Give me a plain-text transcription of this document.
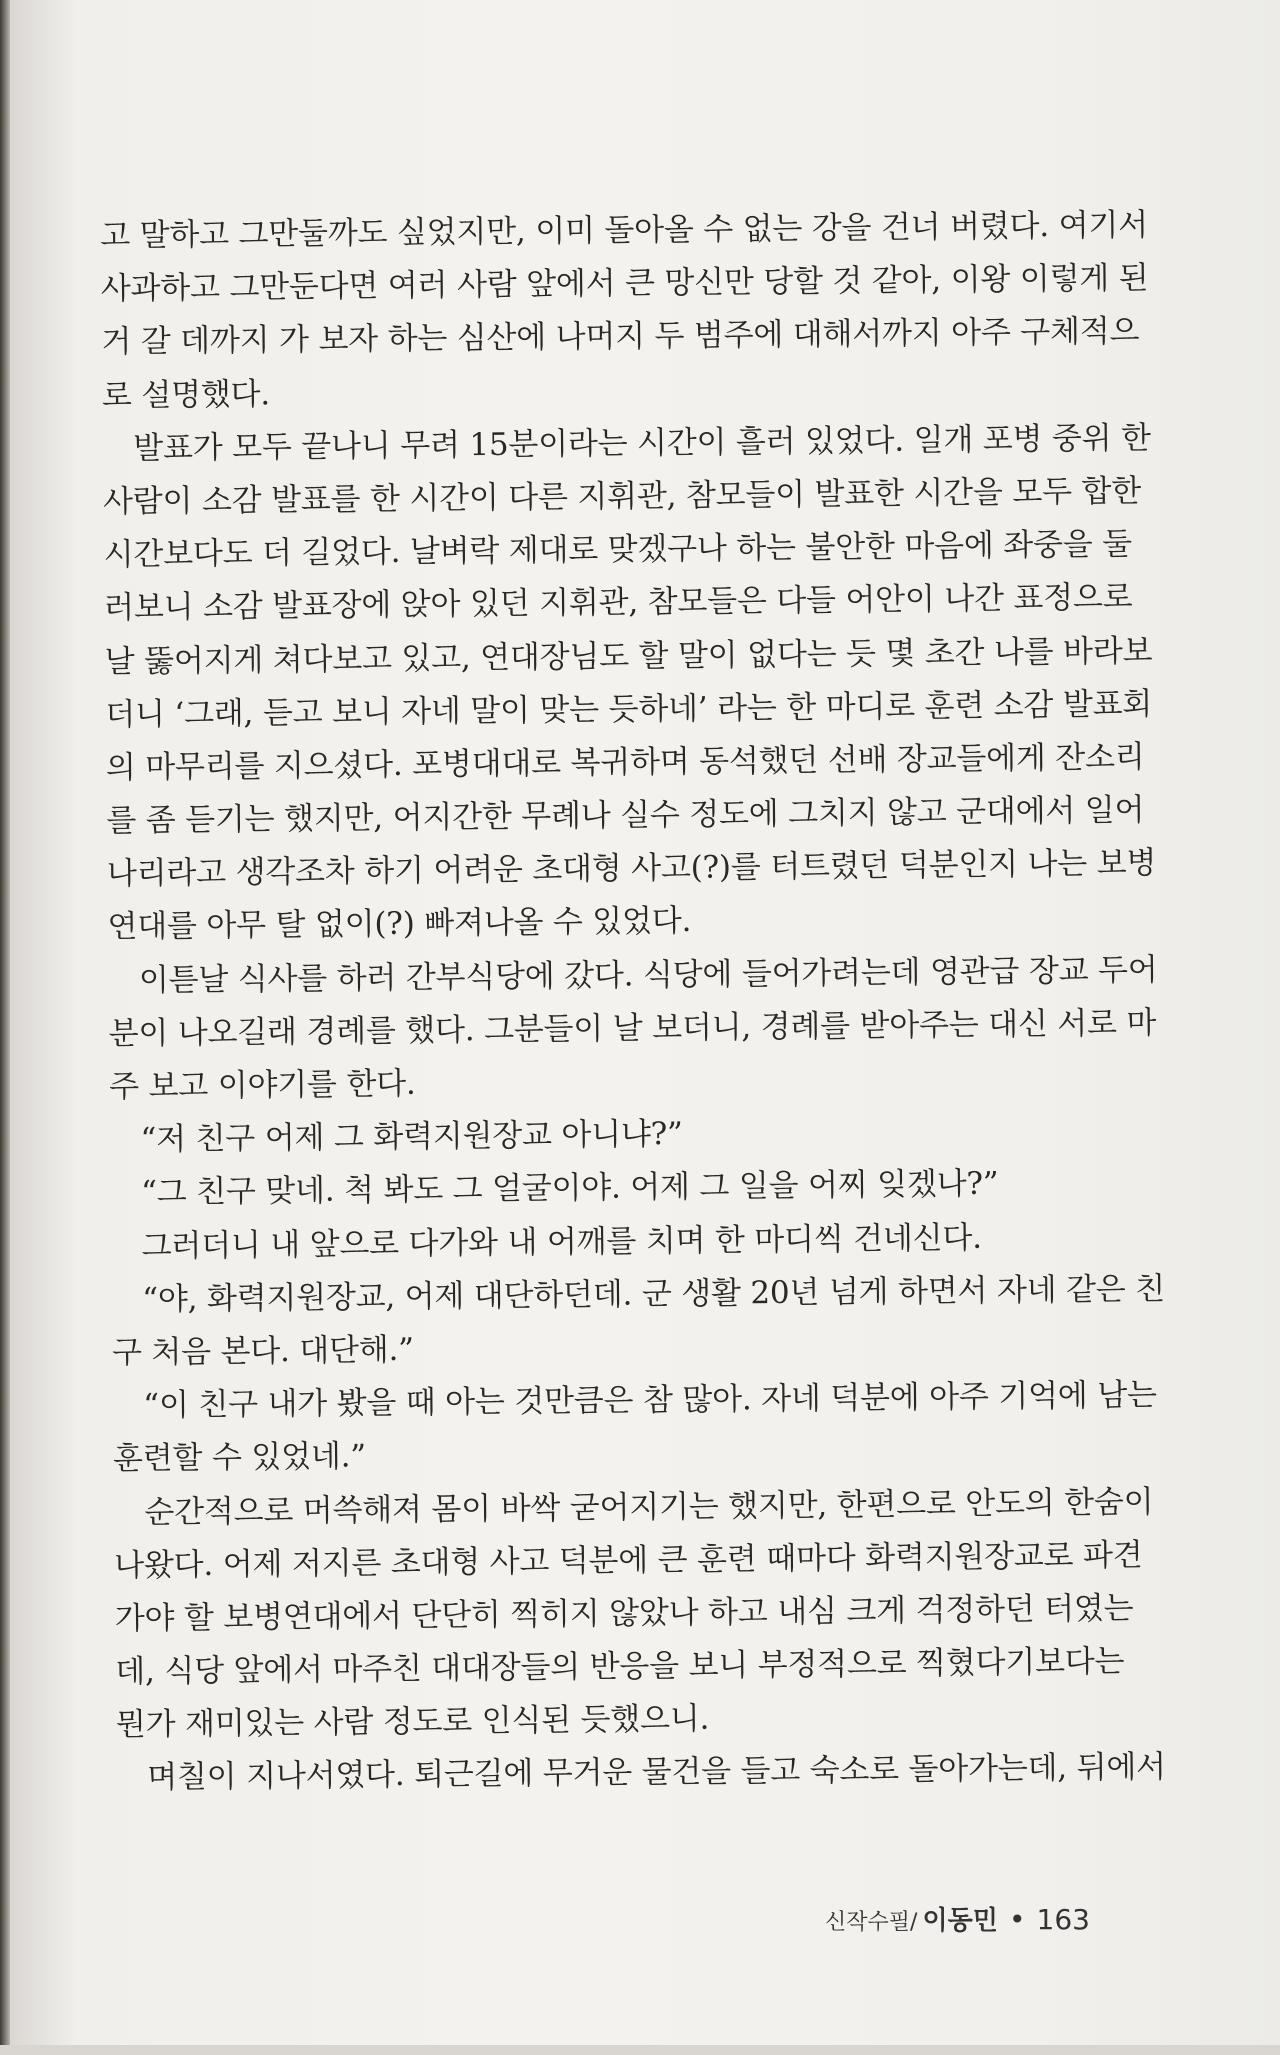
고 말하고 그만둘까도 싶었지만, 이미 돌아올 수 없는 강을 건너 버렸다. 여기서
사과하고 그만둔다면 여러 사람 앞에서 큰 망신만 당할 것 같아, 이왕 이렇게 된
거 갈 데까지 가 보자 하는 심산에 나머지 두 범주에 대해서까지 아주 구체적으
로 설명했다.
　발표가 모두 끝나니 무려 15분이라는 시간이 흘러 있었다. 일개 포병 중위 한
사람이 소감 발표를 한 시간이 다른 지휘관, 참모들이 발표한 시간을 모두 합한
시간보다도 더 길었다. 날벼락 제대로 맞겠구나 하는 불안한 마음에 좌중을 둘
러보니 소감 발표장에 앉아 있던 지휘관, 참모들은 다들 어안이 나간 표정으로
날 뚫어지게 쳐다보고 있고, 연대장님도 할 말이 없다는 듯 몇 초간 나를 바라보
더니 ‘그래, 듣고 보니 자네 말이 맞는 듯하네’ 라는 한 마디로 훈련 소감 발표회
의 마무리를 지으셨다. 포병대대로 복귀하며 동석했던 선배 장교들에게 잔소리
를 좀 듣기는 했지만, 어지간한 무례나 실수 정도에 그치지 않고 군대에서 일어
나리라고 생각조차 하기 어려운 초대형 사고(?)를 터트렸던 덕분인지 나는 보병
연대를 아무 탈 없이(?) 빠져나올 수 있었다.
　이튿날 식사를 하러 간부식당에 갔다. 식당에 들어가려는데 영관급 장교 두어
분이 나오길래 경례를 했다. 그분들이 날 보더니, 경례를 받아주는 대신 서로 마
주 보고 이야기를 한다.
　“저 친구 어제 그 화력지원장교 아니냐?”
　“그 친구 맞네. 척 봐도 그 얼굴이야. 어제 그 일을 어찌 잊겠나?”
　그러더니 내 앞으로 다가와 내 어깨를 치며 한 마디씩 건네신다.
　“야, 화력지원장교, 어제 대단하던데. 군 생활 20년 넘게 하면서 자네 같은 친
구 처음 본다. 대단해.”
　“이 친구 내가 봤을 때 아는 것만큼은 참 많아. 자네 덕분에 아주 기억에 남는
훈련할 수 있었네.”
　순간적으로 머쓱해져 몸이 바싹 굳어지기는 했지만, 한편으로 안도의 한숨이
나왔다. 어제 저지른 초대형 사고 덕분에 큰 훈련 때마다 화력지원장교로 파견
가야 할 보병연대에서 단단히 찍히지 않았나 하고 내심 크게 걱정하던 터였는
데, 식당 앞에서 마주친 대대장들의 반응을 보니 부정적으로 찍혔다기보다는
뭔가 재미있는 사람 정도로 인식된 듯했으니.
　며칠이 지나서였다. 퇴근길에 무거운 물건을 들고 숙소로 돌아가는데, 뒤에서
신작수필/ 이동민 • 163
